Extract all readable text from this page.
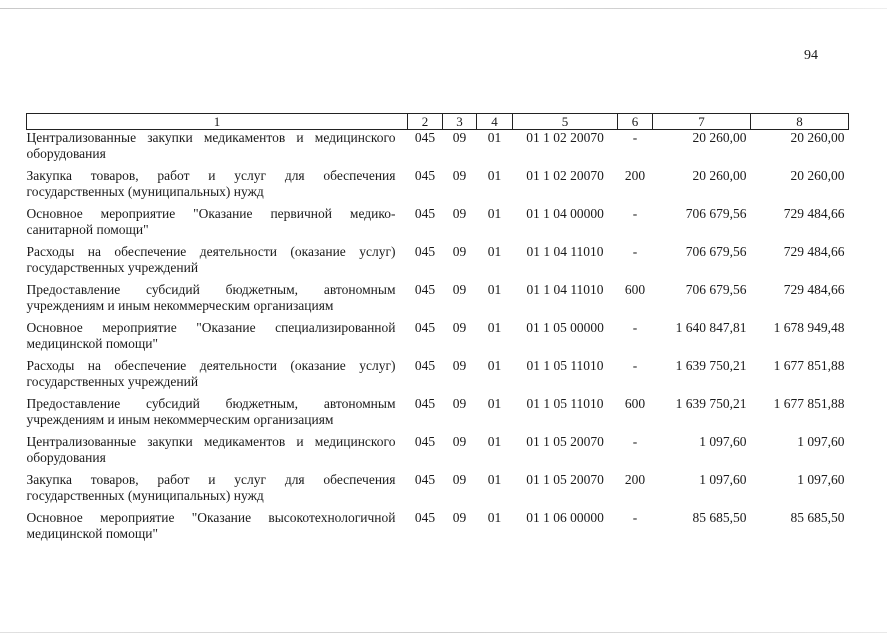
94
1	2	3	4	5	6	7	8
Централизованные закупки медикаментов и медицинского оборудования	045	09	01	01 1 02 20070	-	20 260,00	20 260,00
Закупка товаров, работ и услуг для обеспечения государственных (муниципальных) нужд	045	09	01	01 1 02 20070	200	20 260,00	20 260,00
Основное мероприятие "Оказание первичной медико-санитарной помощи"	045	09	01	01 1 04 00000	-	706 679,56	729 484,66
Расходы на обеспечение деятельности (оказание услуг) государственных учреждений	045	09	01	01 1 04 11010	-	706 679,56	729 484,66
Предоставление субсидий бюджетным, автономным учреждениям и иным некоммерческим организациям	045	09	01	01 1 04 11010	600	706 679,56	729 484,66
Основное мероприятие "Оказание специализированной медицинской помощи"	045	09	01	01 1 05 00000	-	1 640 847,81	1 678 949,48
Расходы на обеспечение деятельности (оказание услуг) государственных учреждений	045	09	01	01 1 05 11010	-	1 639 750,21	1 677 851,88
Предоставление субсидий бюджетным, автономным учреждениям и иным некоммерческим организациям	045	09	01	01 1 05 11010	600	1 639 750,21	1 677 851,88
Централизованные закупки медикаментов и медицинского оборудования	045	09	01	01 1 05 20070	-	1 097,60	1 097,60
Закупка товаров, работ и услуг для обеспечения государственных (муниципальных) нужд	045	09	01	01 1 05 20070	200	1 097,60	1 097,60
Основное мероприятие "Оказание высокотехнологичной медицинской помощи"	045	09	01	01 1 06 00000	-	85 685,50	85 685,50
